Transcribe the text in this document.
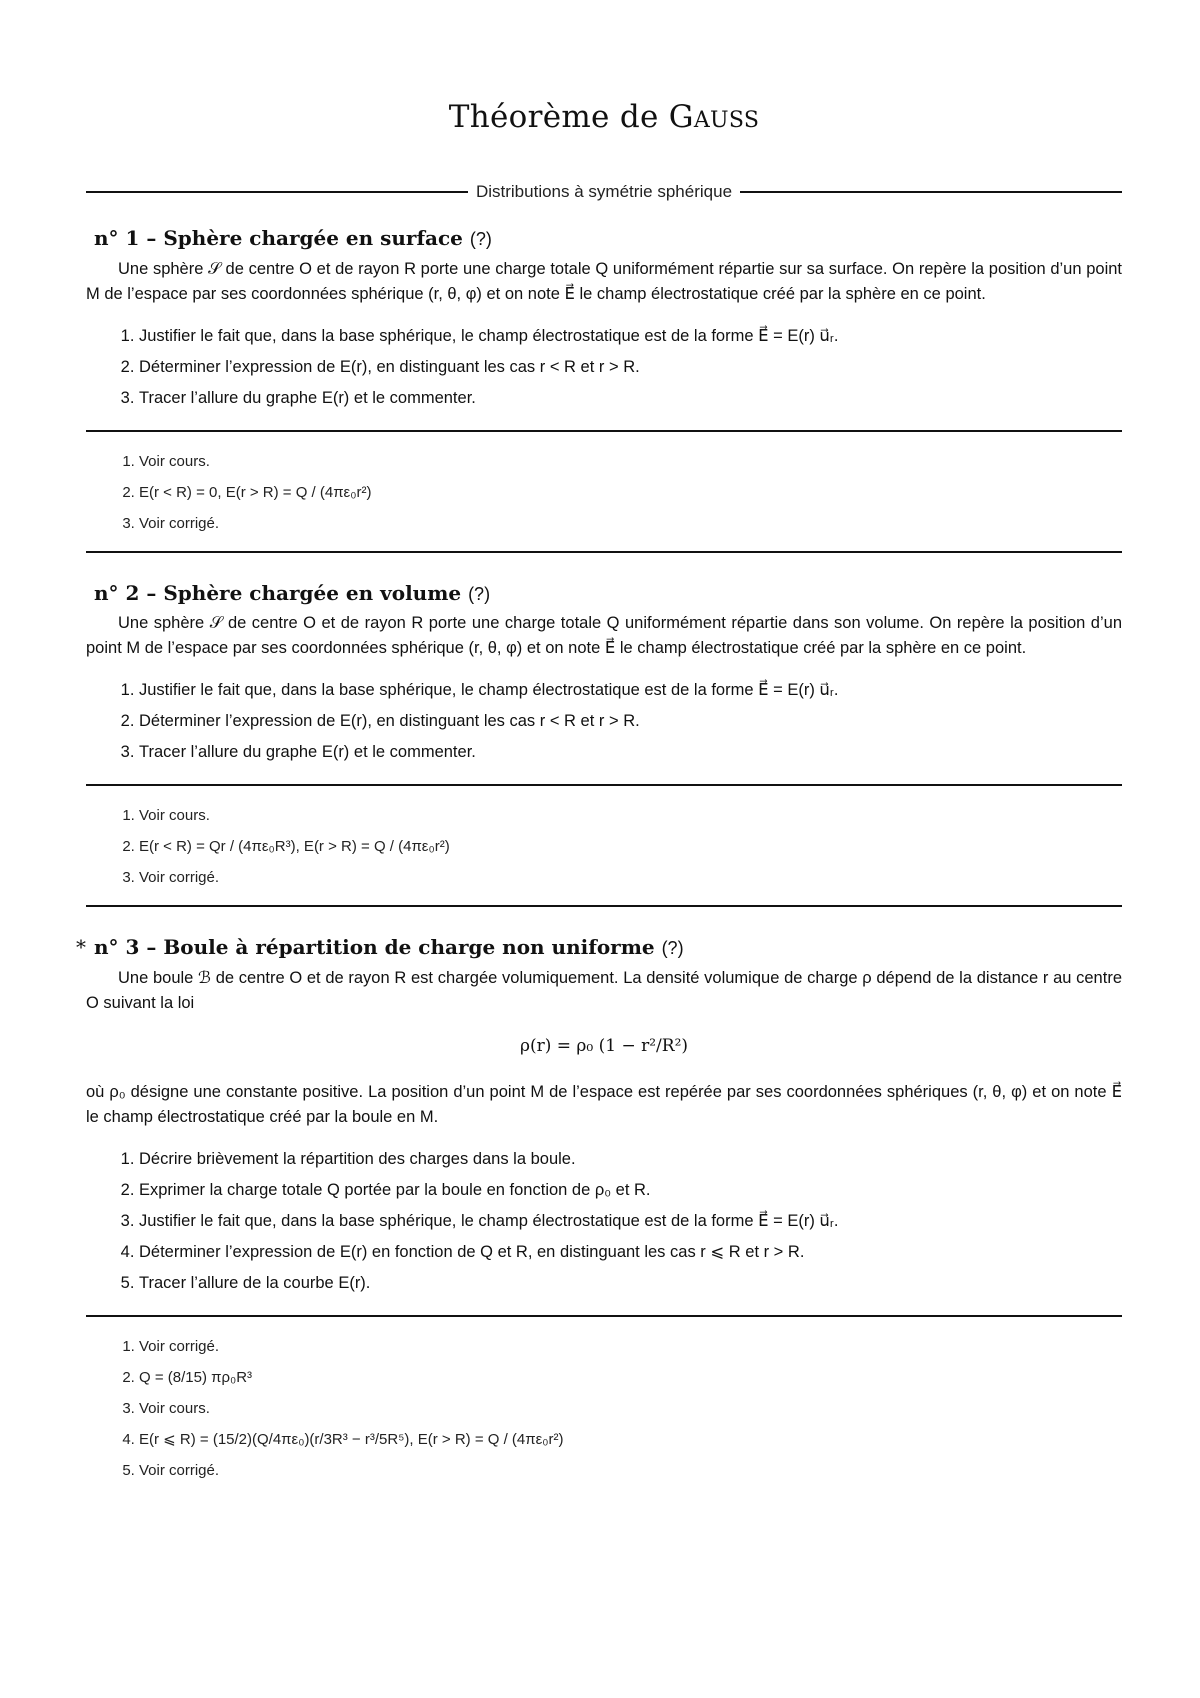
Théorème de Gauss
Distributions à symétrie sphérique
n° 1 – Sphère chargée en surface (?)

Une sphère 𝒮 de centre O et de rayon R porte une charge totale Q uniformément répartie sur sa surface. On repère la position d’un point M de l’espace par ses coordonnées sphérique (r, θ, φ) et on note E⃗ le champ électrostatique créé par la sphère en ce point.

1. Justifier le fait que, dans la base sphérique, le champ électrostatique est de la forme E⃗ = E(r) u⃗ᵣ.
2. Déterminer l’expression de E(r), en distinguant les cas r < R et r > R.
3. Tracer l’allure du graphe E(r) et le commenter.
1. Voir cours.
2. E(r < R) = 0, E(r > R) = Q / (4πε₀r²)
3. Voir corrigé.
n° 2 – Sphère chargée en volume (?)

Une sphère 𝒮 de centre O et de rayon R porte une charge totale Q uniformément répartie dans son volume. On repère la position d’un point M de l’espace par ses coordonnées sphérique (r, θ, φ) et on note E⃗ le champ électrostatique créé par la sphère en ce point.

1. Justifier le fait que, dans la base sphérique, le champ électrostatique est de la forme E⃗ = E(r) u⃗ᵣ.
2. Déterminer l’expression de E(r), en distinguant les cas r < R et r > R.
3. Tracer l’allure du graphe E(r) et le commenter.
1. Voir cours.
2. E(r < R) = Qr / (4πε₀R³), E(r > R) = Q / (4πε₀r²)
3. Voir corrigé.
* n° 3 – Boule à répartition de charge non uniforme (?)

Une boule ℬ de centre O et de rayon R est chargée volumiquement. La densité volumique de charge ρ dépend de la distance r au centre O suivant la loi

ρ(r) = ρ₀ (1 − r²/R²)

où ρ₀ désigne une constante positive. La position d’un point M de l’espace est repérée par ses coordonnées sphériques (r, θ, φ) et on note E⃗ le champ électrostatique créé par la boule en M.

1. Décrire brièvement la répartition des charges dans la boule.
2. Exprimer la charge totale Q portée par la boule en fonction de ρ₀ et R.
3. Justifier le fait que, dans la base sphérique, le champ électrostatique est de la forme E⃗ = E(r) u⃗ᵣ.
4. Déterminer l’expression de E(r) en fonction de Q et R, en distinguant les cas r ⩽ R et r > R.
5. Tracer l’allure de la courbe E(r).
1. Voir corrigé.
2. Q = (8/15) πρ₀R³
3. Voir cours.
4. E(r ⩽ R) = (15/2)(Q/4πε₀)(r/3R³ − r³/5R⁵), E(r > R) = Q / (4πε₀r²)
5. Voir corrigé.
